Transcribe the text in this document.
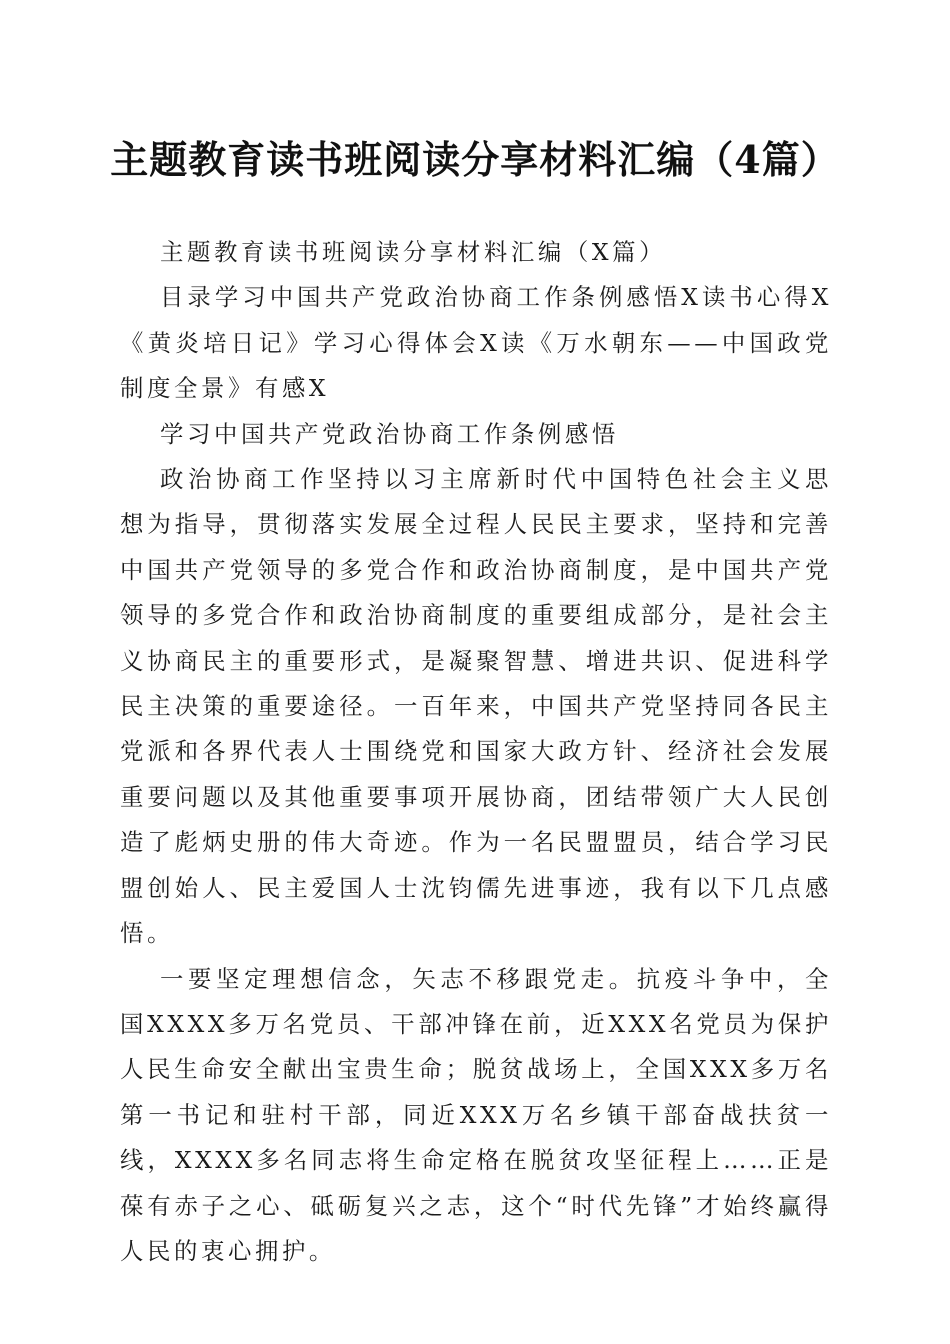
主题教育读书班阅读分享材料汇编（4篇）

主题教育读书班阅读分享材料汇编（X篇）

目录学习中国共产党政治协商工作条例感悟X读书心得X《黄炎培日记》学习心得体会X读《万水朝东——中国政党制度全景》有感X

学习中国共产党政治协商工作条例感悟

政治协商工作坚持以习主席新时代中国特色社会主义思想为指导，贯彻落实发展全过程人民民主要求，坚持和完善中国共产党领导的多党合作和政治协商制度，是中国共产党领导的多党合作和政治协商制度的重要组成部分，是社会主义协商民主的重要形式，是凝聚智慧、增进共识、促进科学民主决策的重要途径。一百年来，中国共产党坚持同各民主党派和各界代表人士围绕党和国家大政方针、经济社会发展重要问题以及其他重要事项开展协商，团结带领广大人民创造了彪炳史册的伟大奇迹。作为一名民盟盟员，结合学习民盟创始人、民主爱国人士沈钧儒先进事迹，我有以下几点感悟。

一要坚定理想信念，矢志不移跟党走。抗疫斗争中，全国XXXX多万名党员、干部冲锋在前，近XXX名党员为保护人民生命安全献出宝贵生命；脱贫战场上，全国XXX多万名第一书记和驻村干部，同近XXX万名乡镇干部奋战扶贫一线，XXXX多名同志将生命定格在脱贫攻坚征程上……正是葆有赤子之心、砥砺复兴之志，这个“时代先锋”才始终赢得人民的衷心拥护。
